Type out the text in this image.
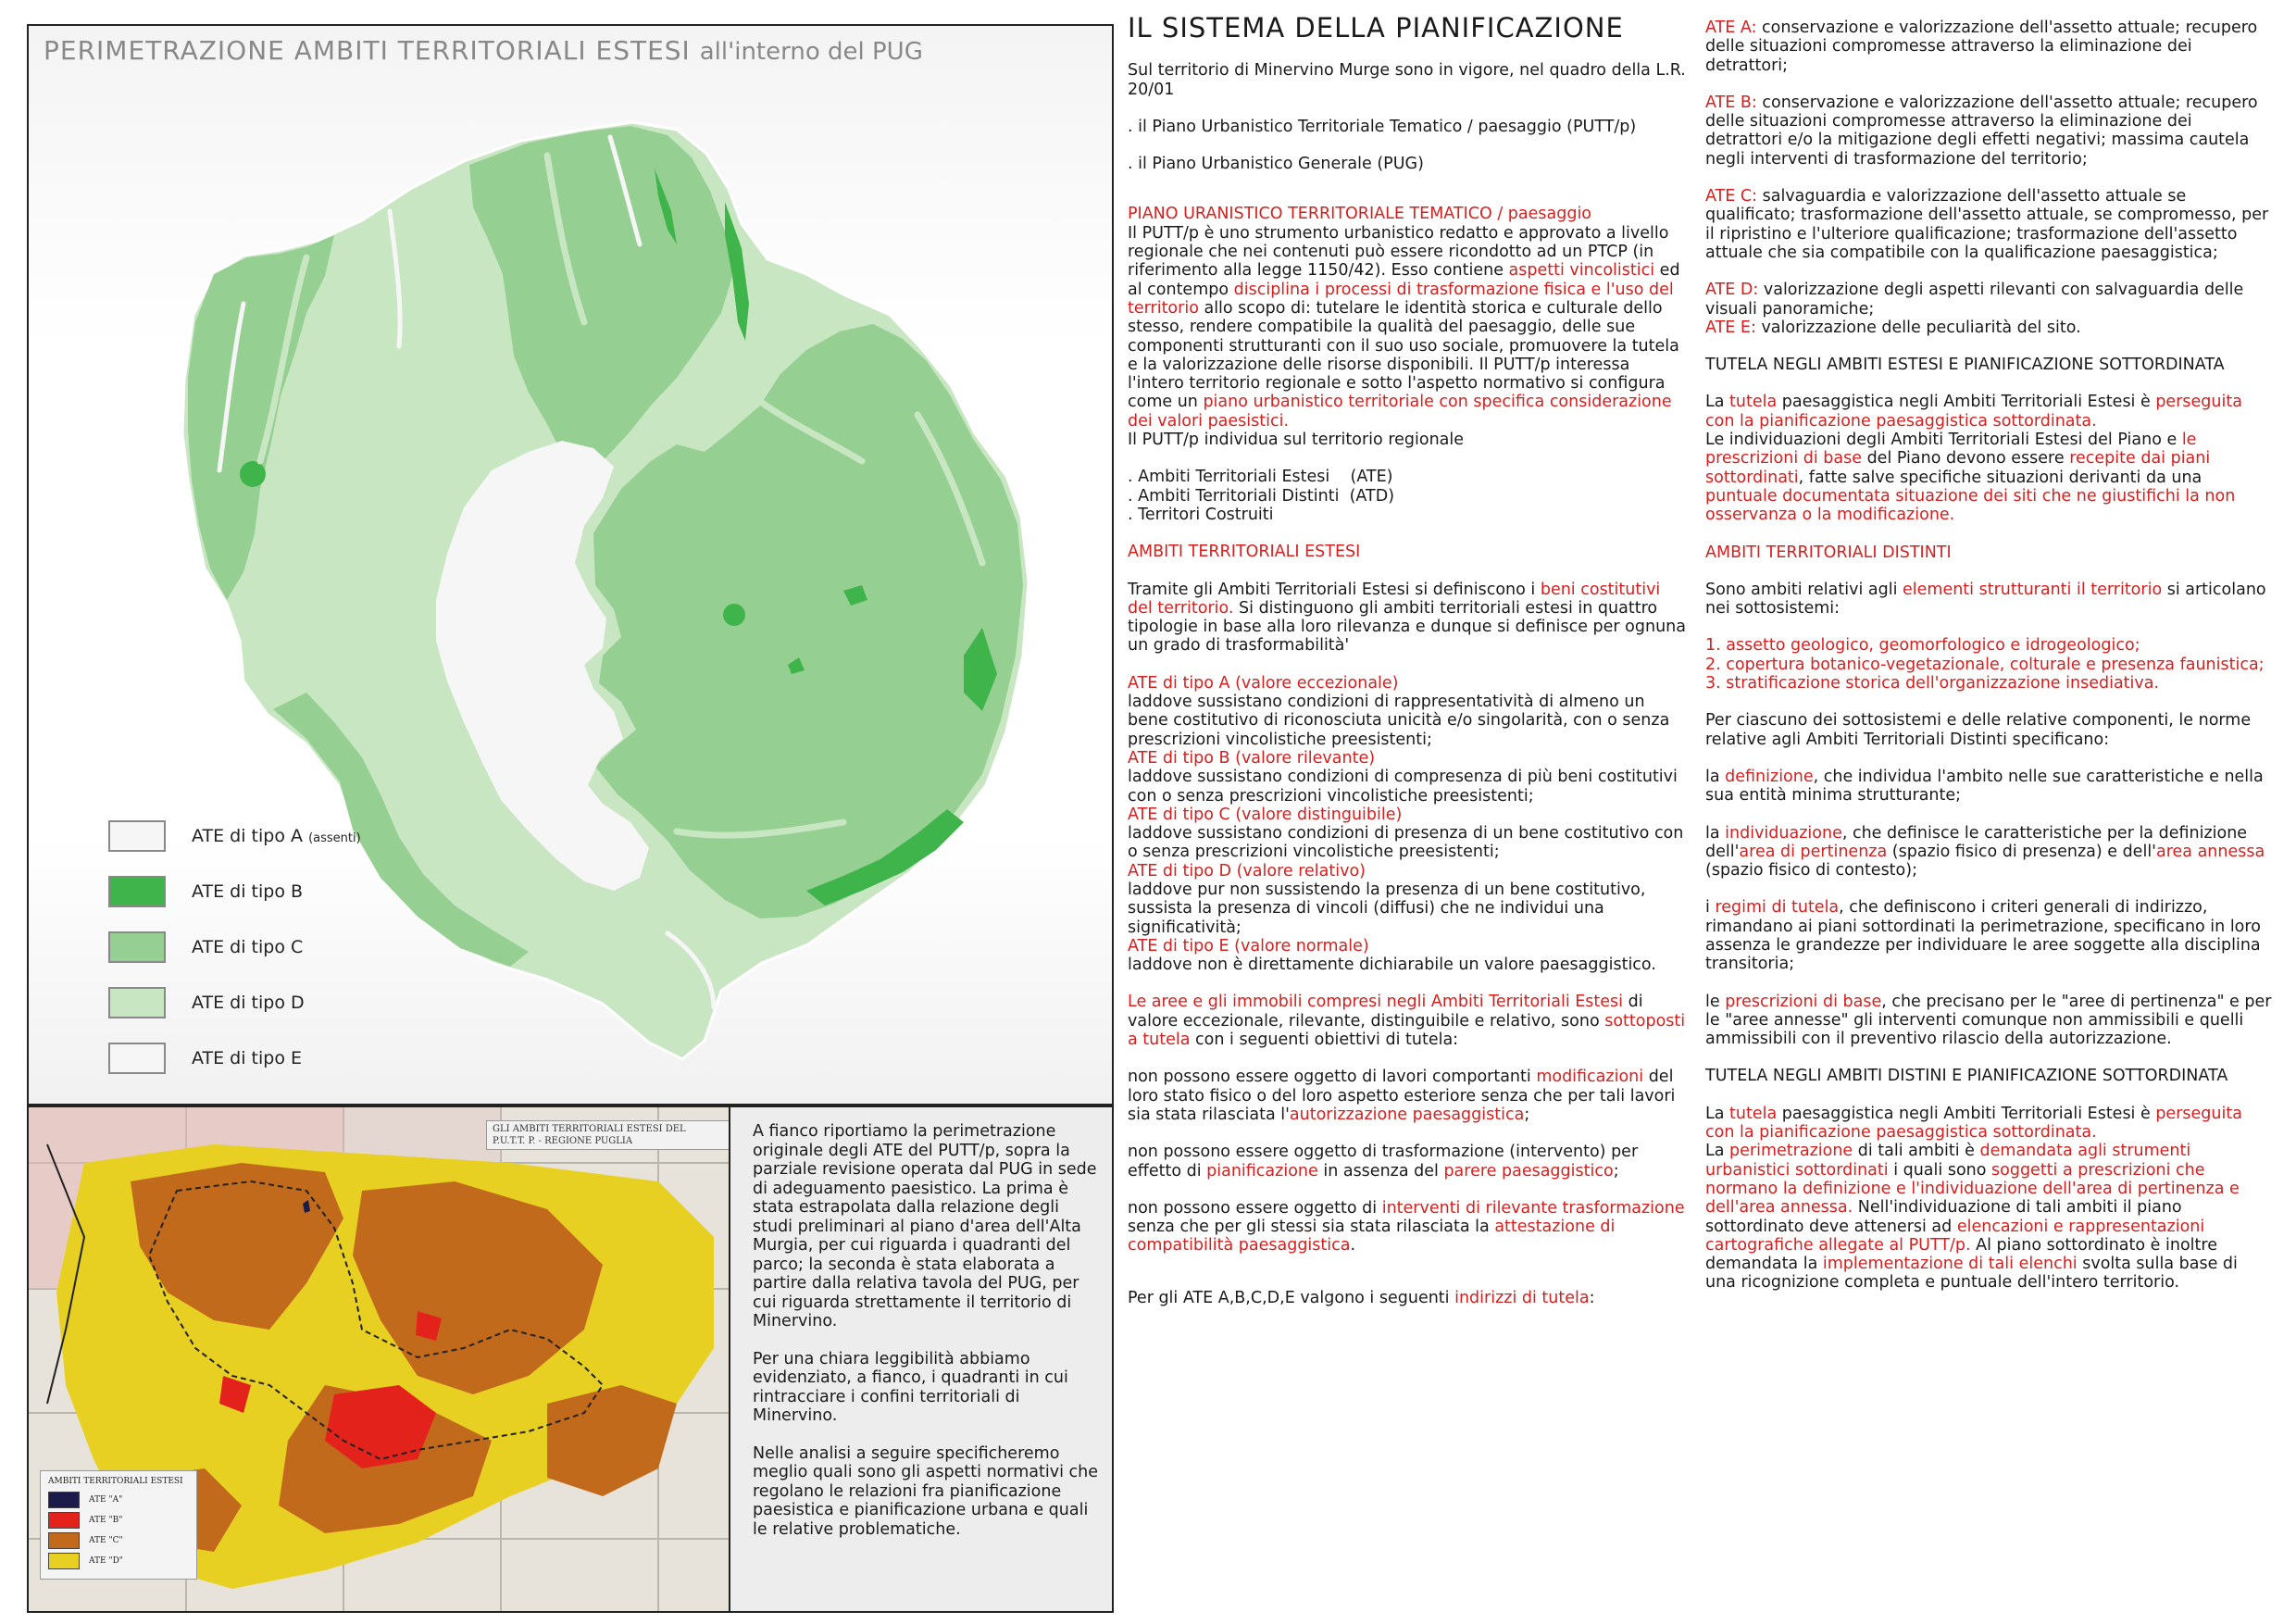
PERIMETRAZIONE AMBITI TERRITORIALI ESTESI all'interno del PUG
ATE di tipo A (assenti)
ATE di tipo B
ATE di tipo C
ATE di tipo D
ATE di tipo E
GLI AMBITI TERRITORIALI ESTESI DEL
P.U.T.T. P. - REGIONE PUGLIA
AMBITI TERRITORIALI ESTESI
ATE "A"
ATE "B"
ATE "C"
ATE "D"

A fianco riportiamo la perimetrazione originale degli ATE del PUTT/p, sopra la parziale revisione operata dal PUG in sede di adeguamento paesistico. La prima è stata estrapolata dalla relazione degli studi preliminari al piano d'area dell'Alta Murgia, per cui riguarda i quadranti del parco; la seconda è stata elaborata a partire dalla relativa tavola del PUG, per cui riguarda strettamente il territorio di Minervino.

Per una chiara leggibilità abbiamo evidenziato, a fianco, i quadranti in cui rintracciare i confini territoriali di Minervino.

Nelle analisi a seguire specificheremo meglio quali sono gli aspetti normativi che regolano le relazioni fra pianificazione paesistica e pianificazione urbana e quali le relative problematiche.

IL SISTEMA DELLA PIANIFICAZIONE

Sul territorio di Minervino Murge sono in vigore, nel quadro della L.R. 20/01

. il Piano Urbanistico Territoriale Tematico / paesaggio (PUTT/p)

. il Piano Urbanistico Generale (PUG)

PIANO URANISTICO TERRITORIALE TEMATICO / paesaggio

Il PUTT/p è uno strumento urbanistico redatto e approvato a livello regionale che nei contenuti può essere ricondotto ad un PTCP (in riferimento alla legge 1150/42). Esso contiene aspetti vincolistici ed al contempo disciplina i processi di trasformazione fisica e l'uso del territorio allo scopo di: tutelare le identità storica e culturale dello stesso, rendere compatibile la qualità del paesaggio, delle sue componenti strutturanti con il suo uso sociale, promuovere la tutela e la valorizzazione delle risorse disponibili. Il PUTT/p interessa l'intero territorio regionale e sotto l'aspetto normativo si configura come un piano urbanistico territoriale con specifica considerazione dei valori paesistici.

Il PUTT/p individua sul territorio regionale

. Ambiti Territoriali Estesi    (ATE)
. Ambiti Territoriali Distinti  (ATD)

. Territori Costruiti

AMBITI TERRITORIALI ESTESI

Tramite gli Ambiti Territoriali Estesi si definiscono i beni costitutivi del territorio. Si distinguono gli ambiti territoriali estesi in quattro tipologie in base alla loro rilevanza e dunque si definisce per ognuna un grado di trasformabilità'

ATE di tipo A (valore eccezionale)
laddove sussistano condizioni di rappresentatività di almeno un bene costitutivo di riconosciuta unicità e/o singolarità, con o senza prescrizioni vincolistiche preesistenti;
ATE di tipo B (valore rilevante)
laddove sussistano condizioni di compresenza di più beni costitutivi con o senza prescrizioni vincolistiche preesistenti;
ATE di tipo C (valore distinguibile)
laddove sussistano condizioni di presenza di un bene costitutivo con o senza prescrizioni vincolistiche preesistenti;
ATE di tipo D (valore relativo)
laddove pur non sussistendo la presenza di un bene costitutivo, sussista la presenza di vincoli (diffusi) che ne individui una significatività;
ATE di tipo E (valore normale)

laddove non è direttamente dichiarabile un valore paesaggistico.

Le aree e gli immobili compresi negli Ambiti Territoriali Estesi di valore eccezionale, rilevante, distinguibile e relativo, sono sottoposti a tutela con i seguenti obiettivi di tutela:

non possono essere oggetto di lavori comportanti modificazioni del loro stato fisico o del loro aspetto esteriore senza che per tali lavori sia stata rilasciata l'autorizzazione paesaggistica;

non possono essere oggetto di trasformazione (intervento) per effetto di pianificazione in assenza del parere paesaggistico;

non possono essere oggetto di interventi di rilevante trasformazione senza che per gli stessi sia stata rilasciata la attestazione di compatibilità paesaggistica.

Per gli ATE A,B,C,D,E valgono i seguenti indirizzi di tutela:

ATE A: conservazione e valorizzazione dell'assetto attuale; recupero delle situazioni compromesse attraverso la eliminazione dei detrattori;

ATE B: conservazione e valorizzazione dell'assetto attuale; recupero delle situazioni compromesse attraverso la eliminazione dei detrattori e/o la mitigazione degli effetti negativi; massima cautela negli interventi di trasformazione del territorio;

ATE C: salvaguardia e valorizzazione dell'assetto attuale se qualificato; trasformazione dell'assetto attuale, se compromesso, per il ripristino e l'ulteriore qualificazione; trasformazione dell'assetto attuale che sia compatibile con la qualificazione paesaggistica;

ATE D: valorizzazione degli aspetti rilevanti con salvaguardia delle visuali panoramiche;

ATE E: valorizzazione delle peculiarità del sito.

TUTELA NEGLI AMBITI ESTESI E PIANIFICAZIONE SOTTORDINATA

La tutela paesaggistica negli Ambiti Territoriali Estesi è perseguita con la pianificazione paesaggistica sottordinata.
Le individuazioni degli Ambiti Territoriali Estesi del Piano e le prescrizioni di base del Piano devono essere recepite dai piani sottordinati, fatte salve specifiche situazioni derivanti da una puntuale documentata situazione dei siti che ne giustifichi la non osservanza o la modificazione.

AMBITI TERRITORIALI DISTINTI

Sono ambiti relativi agli elementi strutturanti il territorio si articolano nei sottosistemi:

1. assetto geologico, geomorfologico e idrogeologico;
2. copertura botanico-vegetazionale, colturale e presenza faunistica;

3. stratificazione storica dell'organizzazione insediativa.

Per ciascuno dei sottosistemi e delle relative componenti, le norme relative agli Ambiti Territoriali Distinti specificano:

la definizione, che individua l'ambito nelle sue caratteristiche e nella sua entità minima strutturante;

la individuazione, che definisce le caratteristiche per la definizione dell'area di pertinenza (spazio fisico di presenza) e dell'area annessa (spazio fisico di contesto);

i regimi di tutela, che definiscono i criteri generali di indirizzo, rimandano ai piani sottordinati la perimetrazione, specificano in loro assenza le grandezze per individuare le aree soggette alla disciplina transitoria;

le prescrizioni di base, che precisano per le "aree di pertinenza" e per le "aree annesse" gli interventi comunque non ammissibili e quelli ammissibili con il preventivo rilascio della autorizzazione.

TUTELA NEGLI AMBITI DISTINI E PIANIFICAZIONE SOTTORDINATA

La tutela paesaggistica negli Ambiti Territoriali Estesi è perseguita con la pianificazione paesaggistica sottordinata.
La perimetrazione di tali ambiti è demandata agli strumenti urbanistici sottordinati i quali sono soggetti a prescrizioni che normano la definizione e l'individuazione dell'area di pertinenza e dell'area annessa. Nell'individuazione di tali ambiti il piano sottordinato deve attenersi ad elencazioni e rappresentazioni cartografiche allegate al PUTT/p. Al piano sottordinato è inoltre demandata la implementazione di tali elenchi svolta sulla base di una ricognizione completa e puntuale dell'intero territorio.
